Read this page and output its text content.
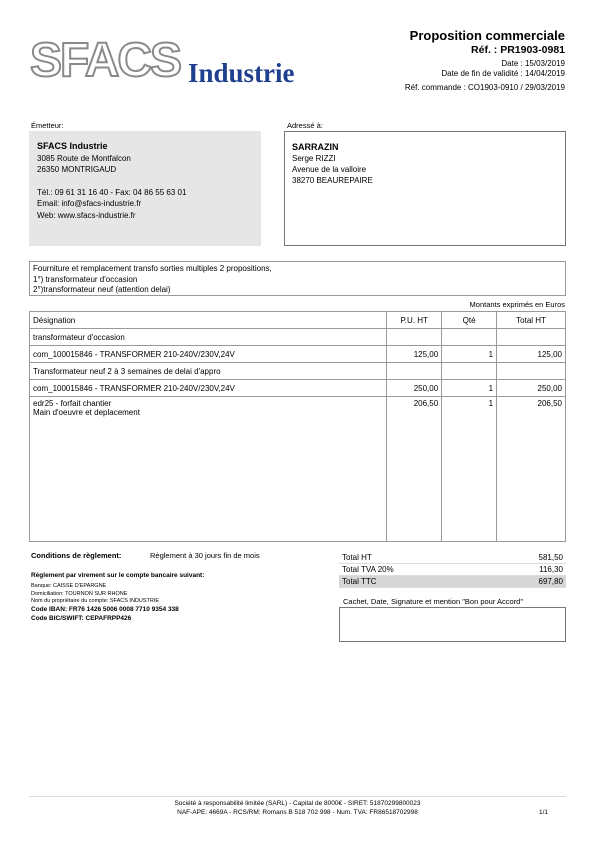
SFACS Industrie
Proposition commerciale
Réf. : PR1903-0981
Date : 15/03/2019
Date de fin de validité : 14/04/2019
Réf. commande : CO1903-0910 / 29/03/2019
Émetteur:
SFACS Industrie
3085 Route de Montfalcon
26350 MONTRIGAUD
Tél.: 09 61 31 16 40 - Fax: 04 86 55 63 01
Email: info@sfacs-industrie.fr
Web: www.sfacs-industrie.fr
Adressé à:
SARRAZIN
Serge RIZZI
Avenue de la valloire
38270 BEAUREPAIRE
Fourniture et remplacement transfo sorties multiples 2 propositions,
1°) transformateur d'occasion
2°)transformateur neuf (attention delai)
Montants exprimés en Euros
Désignation	P.U. HT	Qté	Total HT
transformateur d'occasion			
com_100015846 - TRANSFORMER 210-240V/230V,24V	125,00	1	125,00
Transformateur neuf 2 à 3 semaines de delai d'appro			
com_100015846 - TRANSFORMER 210-240V/230V,24V	250,00	1	250,00

edr25 - forfait chantier
Main d'oeuvre et deplacement	206,50	1	206,50
Conditions de règlement:	Règlement à 30 jours fin de mois
Règlement par virement sur le compte bancaire suivant:
Banque: CAISSE D'EPARGNE
Domiciliation: TOURNON SUR RHONE
Nom du propriétaire du compte: SFACS INDUSTRIE
Code IBAN: FR76 1426 5006 0008 7710 9354 338
Code BIC/SWIFT: CEPAFRPP426
Total HT	581,50
Total TVA 20%	116,30
Total TTC	697,80
Cachet, Date, Signature et mention "Bon pour Accord"
Société à responsabilité limitée (SARL) - Capital de 8000€ - SIRET: 51870299800023
NAF-APE: 4669A - RCS/RM: Romans B 518 702 998 - Num. TVA: FR86518702998	1/1
